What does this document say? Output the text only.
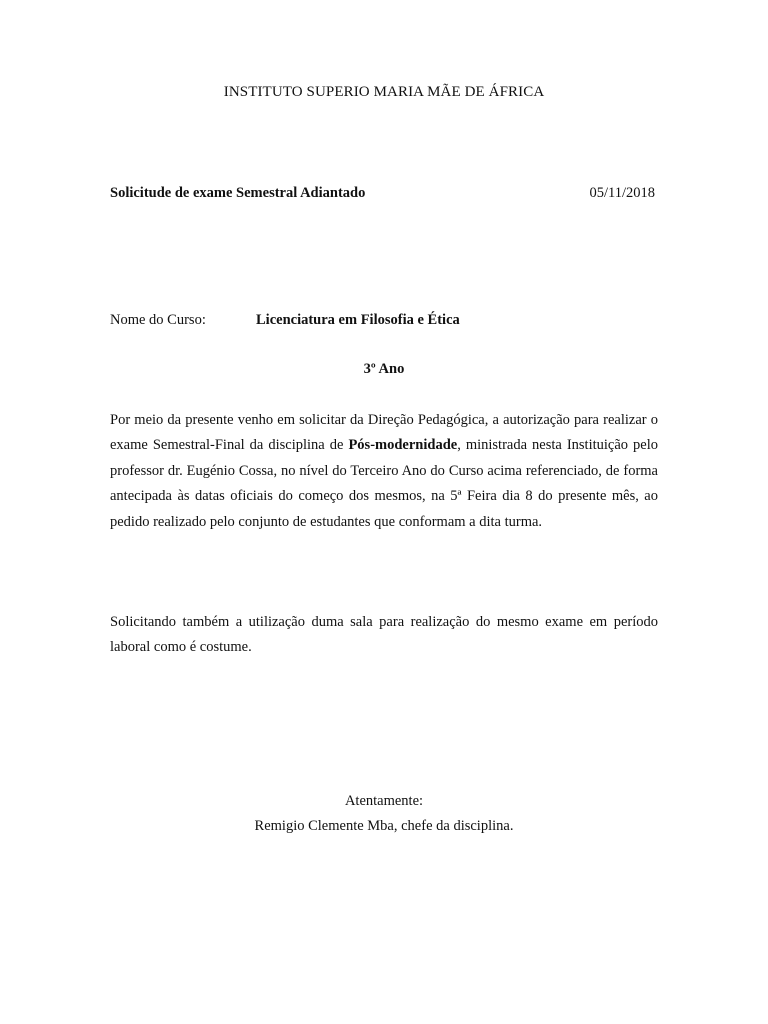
INSTITUTO SUPERIO MARIA MÃE DE ÁFRICA
Solicitude de exame Semestral Adiantado	05/11/2018
Nome do Curso:	Licenciatura em Filosofia e Ética
3º Ano

Por meio da presente venho em solicitar da Direção Pedagógica, a autorização para realizar o exame Semestral-Final da disciplina de Pós-modernidade, ministrada nesta Instituição pelo professor dr. Eugénio Cossa, no nível do Terceiro Ano do Curso acima referenciado, de forma antecipada às datas oficiais do começo dos mesmos, na 5ª Feira dia 8 do presente mês, ao pedido realizado pelo conjunto de estudantes que conformam a dita turma.

Solicitando também a utilização duma sala para realização do mesmo exame em período laboral como é costume.

Atentamente:
Remigio Clemente Mba, chefe da disciplina.
